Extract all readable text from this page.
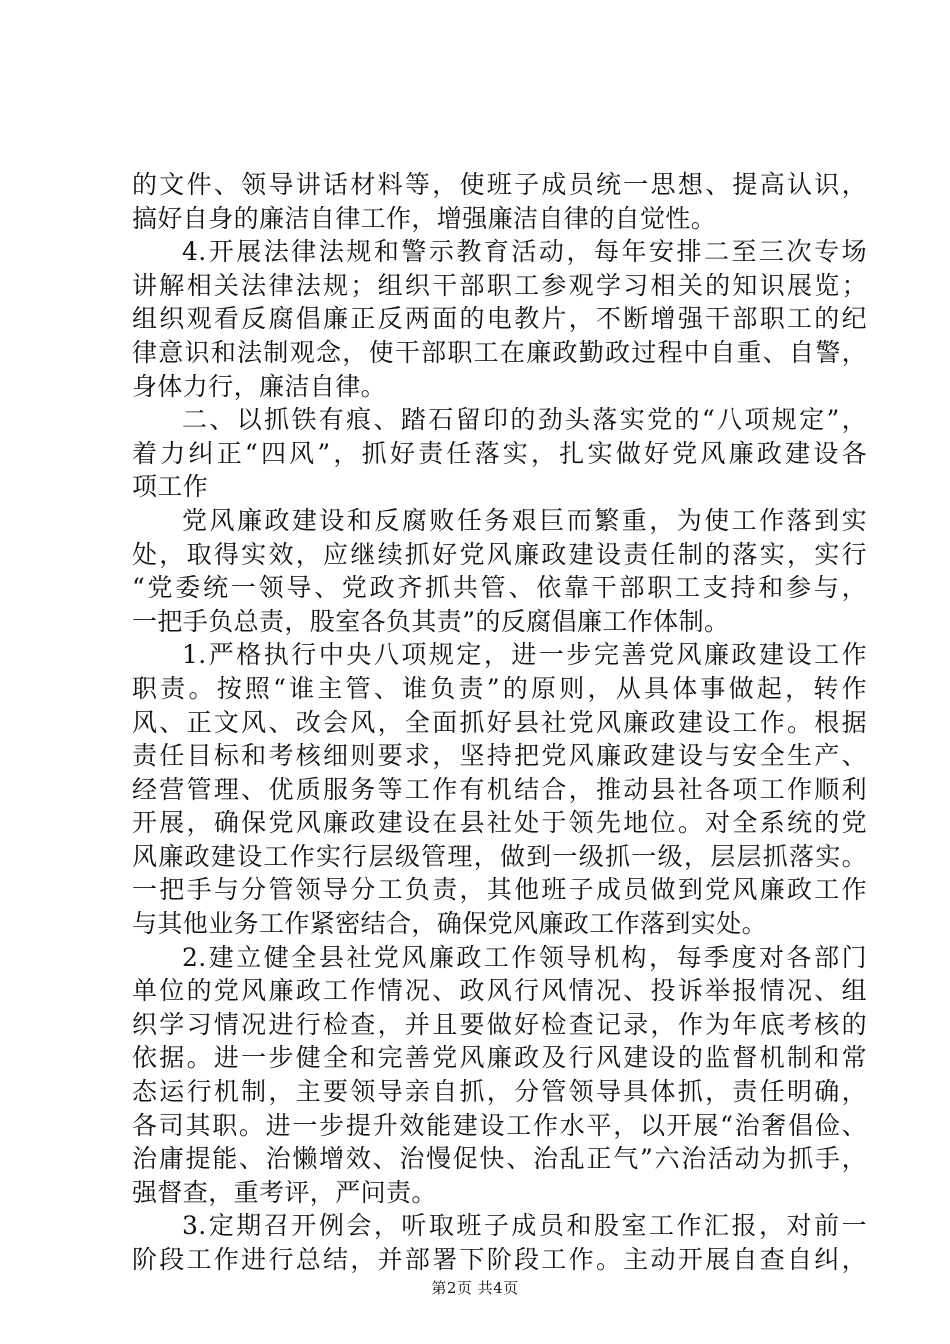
的文件、领导讲话材料等，使班子成员统一思想、提高认识，
搞好自身的廉洁自律工作，增强廉洁自律的自觉性。
4.开展法律法规和警示教育活动，每年安排二至三次专场
讲解相关法律法规；组织干部职工参观学习相关的知识展览；
组织观看反腐倡廉正反两面的电教片，不断增强干部职工的纪
律意识和法制观念，使干部职工在廉政勤政过程中自重、自警，
身体力行，廉洁自律。
二、以抓铁有痕、踏石留印的劲头落实党的“八项规定”，
着力纠正“四风”，抓好责任落实，扎实做好党风廉政建设各
项工作
党风廉政建设和反腐败任务艰巨而繁重，为使工作落到实
处，取得实效，应继续抓好党风廉政建设责任制的落实，实行
“党委统一领导、党政齐抓共管、依靠干部职工支持和参与，
一把手负总责，股室各负其责”的反腐倡廉工作体制。
1.严格执行中央八项规定，进一步完善党风廉政建设工作
职责。按照“谁主管、谁负责”的原则，从具体事做起，转作
风、正文风、改会风，全面抓好县社党风廉政建设工作。根据
责任目标和考核细则要求，坚持把党风廉政建设与安全生产、
经营管理、优质服务等工作有机结合，推动县社各项工作顺利
开展，确保党风廉政建设在县社处于领先地位。对全系统的党
风廉政建设工作实行层级管理，做到一级抓一级，层层抓落实。
一把手与分管领导分工负责，其他班子成员做到党风廉政工作
与其他业务工作紧密结合，确保党风廉政工作落到实处。
2.建立健全县社党风廉政工作领导机构，每季度对各部门
单位的党风廉政工作情况、政风行风情况、投诉举报情况、组
织学习情况进行检查，并且要做好检查记录，作为年底考核的
依据。进一步健全和完善党风廉政及行风建设的监督机制和常
态运行机制，主要领导亲自抓，分管领导具体抓，责任明确，
各司其职。进一步提升效能建设工作水平，以开展“治奢倡俭、
治庸提能、治懒增效、治慢促快、治乱正气”六治活动为抓手，
强督查，重考评，严问责。
3.定期召开例会，听取班子成员和股室工作汇报，对前一
阶段工作进行总结，并部署下阶段工作。主动开展自查自纠，
第2页 共4页
